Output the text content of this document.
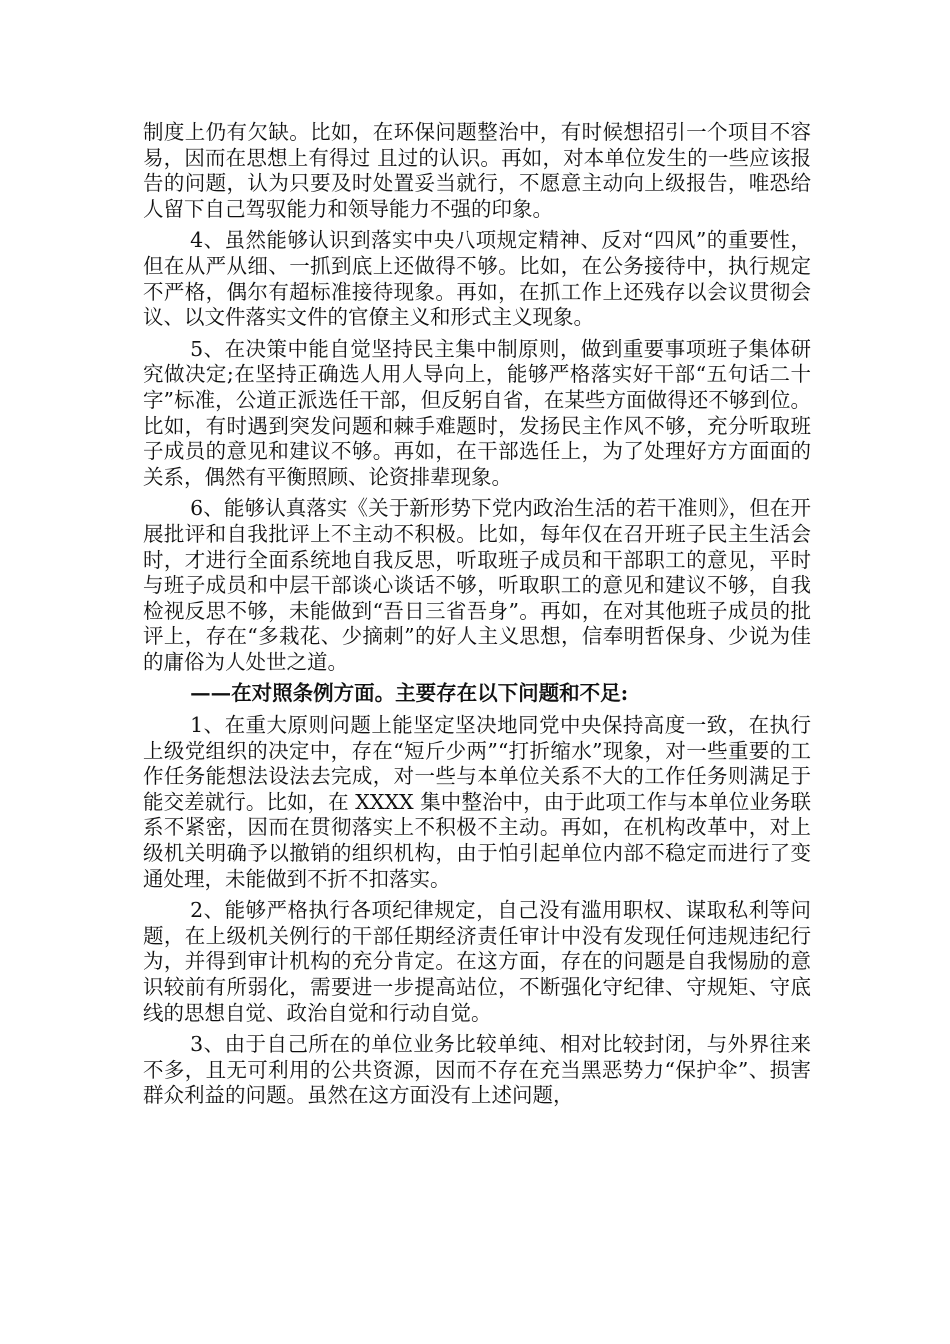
制度上仍有欠缺。比如，在环保问题整治中，有时候想招引一个项目不容易，因而在思想上有得过 且过的认识。再如，对本单位发生的一些应该报告的问题，认为只要及时处置妥当就行，不愿意主动向上级报告，唯恐给人留下自己驾驭能力和领导能力不强的印象。

4、虽然能够认识到落实中央八项规定精神、反对“四风”的重要性，但在从严从细、一抓到底上还做得不够。比如，在公务接待中，执行规定不严格，偶尔有超标准接待现象。再如，在抓工作上还残存以会议贯彻会议、以文件落实文件的官僚主义和形式主义现象。

5、在决策中能自觉坚持民主集中制原则，做到重要事项班子集体研究做决定;在坚持正确选人用人导向上，能够严格落实好干部“五句话二十字”标准，公道正派选任干部，但反躬自省，在某些方面做得还不够到位。比如，有时遇到突发问题和棘手难题时，发扬民主作风不够，充分听取班子成员的意见和建议不够。再如，在干部选任上，为了处理好方方面面的关系，偶然有平衡照顾、论资排辈现象。

6、能够认真落实《关于新形势下党内政治生活的若干准则》，但在开展批评和自我批评上不主动不积极。比如，每年仅在召开班子民主生活会时，才进行全面系统地自我反思，听取班子成员和干部职工的意见，平时与班子成员和中层干部谈心谈话不够，听取职工的意见和建议不够，自我检视反思不够，未能做到“吾日三省吾身”。再如，在对其他班子成员的批评上，存在“多栽花、少摘刺”的好人主义思想，信奉明哲保身、少说为佳的庸俗为人处世之道。

——在对照条例方面。主要存在以下问题和不足:

1、在重大原则问题上能坚定坚决地同党中央保持高度一致，在执行上级党组织的决定中，存在“短斤少两”“打折缩水”现象，对一些重要的工作任务能想法设法去完成，对一些与本单位关系不大的工作任务则满足于能交差就行。比如，在 XXXX 集中整治中，由于此项工作与本单位业务联系不紧密，因而在贯彻落实上不积极不主动。再如，在机构改革中，对上级机关明确予以撤销的组织机构，由于怕引起单位内部不稳定而进行了变通处理，未能做到不折不扣落实。

2、能够严格执行各项纪律规定，自己没有滥用职权、谋取私利等问题，在上级机关例行的干部任期经济责任审计中没有发现任何违规违纪行为，并得到审计机构的充分肯定。在这方面，存在的问题是自我惕励的意识较前有所弱化，需要进一步提高站位，不断强化守纪律、守规矩、守底线的思想自觉、政治自觉和行动自觉。

3、由于自己所在的单位业务比较单纯、相对比较封闭，与外界往来不多，且无可利用的公共资源，因而不存在充当黑恶势力“保护伞”、损害群众利益的问题。虽然在这方面没有上述问题，
